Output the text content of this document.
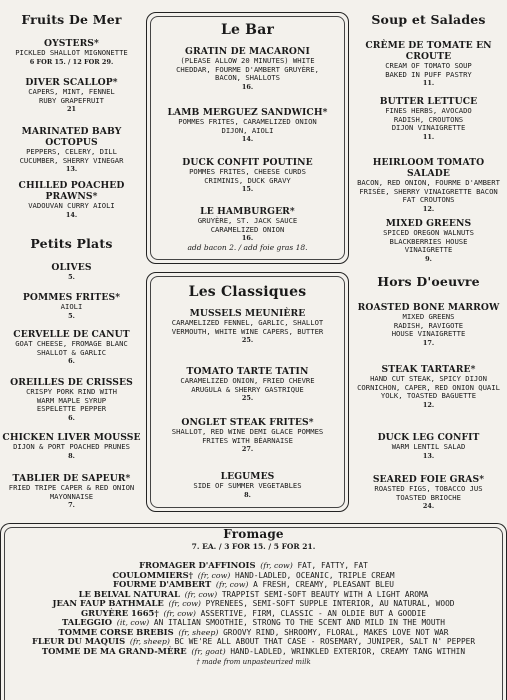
Fruits De Mer
OYSTERS*
PICKLED SHALLOT MIGNONETTE
6 FOR 15. / 12 FOR 29.
DIVER SCALLOP*
CAPERS, MINT, FENNEL RUBY GRAPEFRUIT
21
MARINATED BABY OCTOPUS
PEPPERS, CELERY, DILL CUCUMBER, SHERRY VINEGAR
13.
CHILLED POACHED PRAWNS*
VADOUVAN CURRY AIOLI
14.
Petits Plats
OLIVES
5.
POMMES FRITES*
AIOLI
5.
CERVELLE DE CANUT
GOAT CHEESE, FROMAGE BLANC SHALLOT & GARLIC
6.
OREILLES DE CRISSES
CRISPY PORK RIND WITH WARM MAPLE SYRUP ESPELETTE PEPPER
6.
CHICKEN LIVER MOUSSE
DIJON & PORT POACHED PRUNES
8.
TABLIER DE SAPEUR*
FRIED TRIPE CAPER & RED ONION MAYONNAISE
7.
Le Bar
GRATIN DE MACARONI
(PLEASE ALLOW 20 MINUTES) WHITE CHEDDAR, FOURME D'AMBERT GRUYÈRE, BACON, SHALLOTS
16.
LAMB MERGUEZ SANDWICH*
POMMES FRITES, CARAMELIZED ONION DIJON, AIOLI
14.
DUCK CONFIT POUTINE
POMMES FRITES, CHEESE CURDS CRIMINIS, DUCK GRAVY
15.
LE HAMBURGER*
GRUYÈRE, ST. JACK SAUCE CARAMELIZED ONION
16.
add bacon 2. / add foie gras 18.
Les Classiques
MUSSELS MEUNIÈRE
CARAMELIZED FENNEL, GARLIC, SHALLOT VERMOUTH, WHITE WINE CAPERS, BUTTER
25.
TOMATO TARTE TATIN
CARAMELIZED ONION, FRIED CHEVRE ARUGULA & SHERRY GASTRIQUE
25.
ONGLET STEAK FRITES*
SHALLOT, RED WINE DEMI GLACE POMMES FRITES WITH BÉARNAISE
27.
LEGUMES
SIDE OF SUMMER VEGETABLES
8.
Soup et Salades
CRÈME DE TOMATE EN CROUTE
CREAM OF TOMATO SOUP BAKED IN PUFF PASTRY
11.
BUTTER LETTUCE
FINES HERBS, AVOCADO RADISH, CROUTONS DIJON VINAIGRETTE
11.
HEIRLOOM TOMATO SALADE
BACON, RED ONION, FOURME D'AMBERT FRISÉE, SHERRY VINAIGRETTE BACON FAT CROUTONS
12.
MIXED GREENS
SPICED OREGON WALNUTS BLACKBERRIES HOUSE VINAIGRETTE
9.
Hors D'oeuvre
ROASTED BONE MARROW
MIXED GREENS RADISH, RAVIGOTE HOUSE VINAIGRETTE
17.
STEAK TARTARE*
HAND CUT STEAK, SPICY DIJON CORNICHON, CAPER, RED ONION QUAIL YOLK, TOASTED BAGUETTE
12.
DUCK LEG CONFIT
WARM LENTIL SALAD
13.
SEARED FOIE GRAS*
ROASTED FIGS, TOBACCO JUS TOASTED BRIOCHE
24.
Fromage
7. EA. / 3 FOR 15. / 5 FOR 21.
FROMAGER D'AFFINOIS (fr, cow) FAT, FATTY, FAT
COULOMMIERS† (fr, cow) HAND-LADLED, OCEANIC, TRIPLE CREAM
FOURME D'AMBERT (fr, cow) A FRESH, CREAMY, PLEASANT BLEU
LE BELVAL NATURAL (fr, cow) TRAPPIST SEMI-SOFT BEAUTY WITH A LIGHT AROMA
JEAN FAUP BATHMALE (fr, cow) PYRENEES, SEMI-SOFT SUPPLE INTERIOR, AU NATURAL, WOOD
GRUYÈRE 1665† (fr, cow) ASSERTIVE, FIRM, CLASSIC - AN OLDIE BUT A GOODIE
TALEGGIO (it, cow) AN ITALIAN SMOOTHIE, STRONG TO THE SCENT AND MILD IN THE MOUTH
TOMME CORSE BREBIS (fr, sheep) GROOVY RIND, SHROOMY, FLORAL, MAKES LOVE NOT WAR
FLEUR DU MAQUIS (fr, sheep) BC WE'RE ALL ABOUT THAT CASE - ROSEMARY, JUNIPER, SALT N' PEPPER
TOMME DE MA GRAND-MÈRE (fr, goat) HAND-LADLED, WRINKLED EXTERIOR, CREAMY TANG WITHIN
† made from unpasteurized milk
